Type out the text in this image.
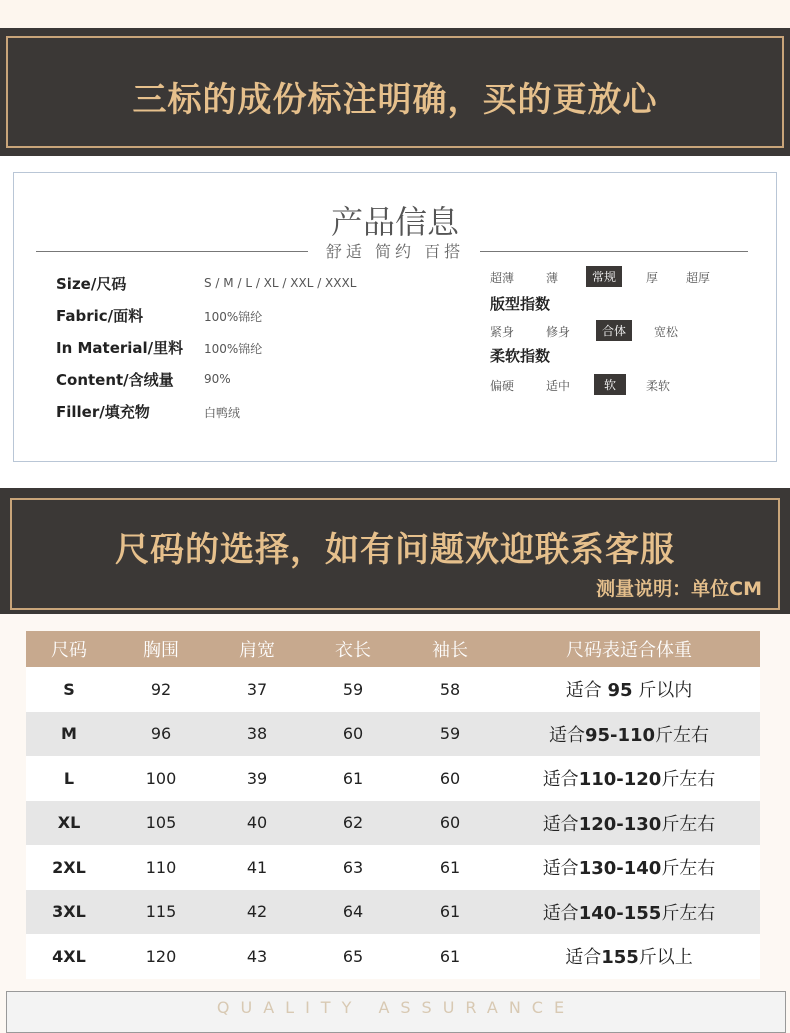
三标的成份标注明确，买的更放心
产品信息
舒适 简约 百搭
Size/尺码	S / M / L / XL / XXL / XXXL
Fabric/面料	100%锦纶
In Material/里料 100%锦纶
Content/含绒量	90%
Filler/填充物	白鸭绒
超薄	薄	常规	厚 超厚
版型指数
紧身	修身	合体	宽松
柔软指数
偏硬	适中	软	柔软
尺码的选择，如有问题欢迎联系客服
测量说明：单位CM
尺码	胸围	肩宽	衣长	袖长	尺码表适合体重
S	92	37	59	58	适合 95 斤以内
M	96	38	60	59	适合95-110斤左右
L	100	39	61	60	适合110-120斤左右
XL	105	40	62	60	适合120-130斤左右
2XL	110	41	63	61	适合130-140斤左右
3XL	115	42	64	61	适合140-155斤左右
4XL	120	43	65	61	适合155斤以上
QUALITY ASSURANCE
